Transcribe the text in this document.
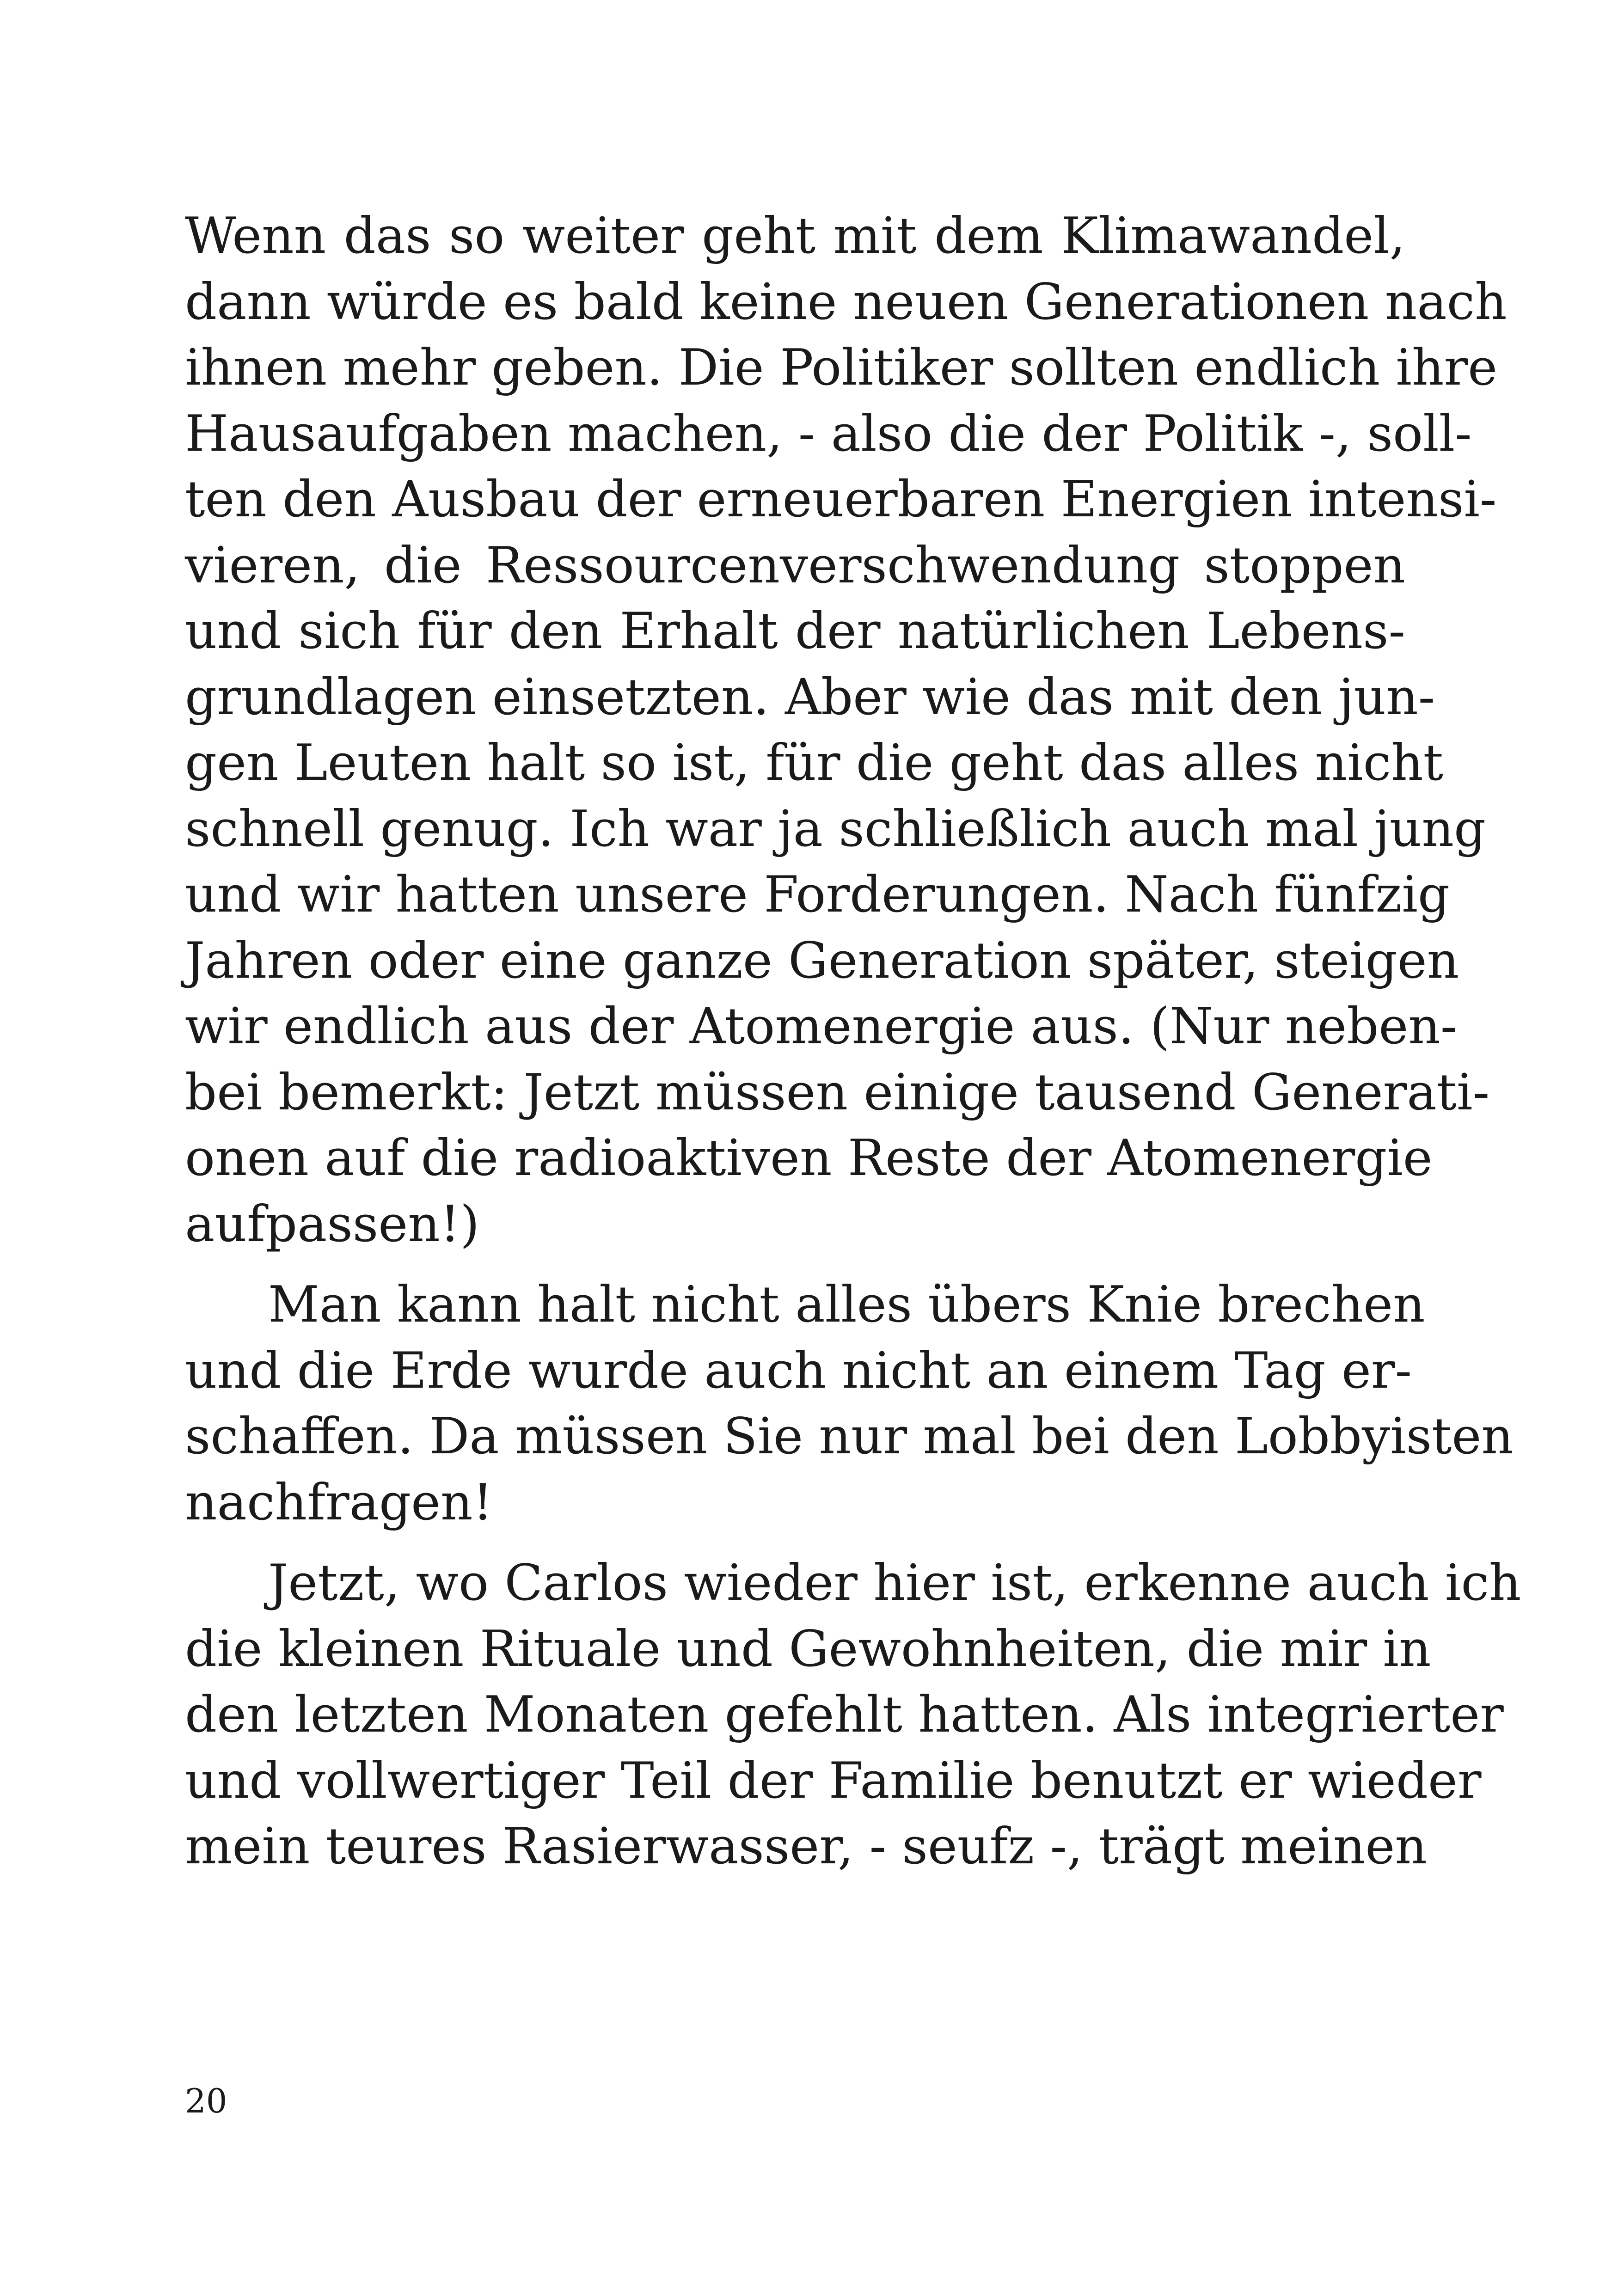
Wenn das so weiter geht mit dem Klimawandel,
dann würde es bald keine neuen Generationen nach
ihnen mehr geben. Die Politiker sollten endlich ihre
Hausaufgaben machen, - also die der Politik -, soll-
ten den Ausbau der erneuerbaren Energien intensi-
vieren, die Ressourcenverschwendung stoppen
und sich für den Erhalt der natürlichen Lebens-
grundlagen einsetzten. Aber wie das mit den jun-
gen Leuten halt so ist, für die geht das alles nicht
schnell genug. Ich war ja schließlich auch mal jung
und wir hatten unsere Forderungen. Nach fünfzig
Jahren oder eine ganze Generation später, steigen
wir endlich aus der Atomenergie aus. (Nur neben-
bei bemerkt: Jetzt müssen einige tausend Generati-
onen auf die radioaktiven Reste der Atomenergie
aufpassen!)

Man kann halt nicht alles übers Knie brechen
und die Erde wurde auch nicht an einem Tag er-
schaffen. Da müssen Sie nur mal bei den Lobbyisten
nachfragen!

Jetzt, wo Carlos wieder hier ist, erkenne auch ich
die kleinen Rituale und Gewohnheiten, die mir in
den letzten Monaten gefehlt hatten. Als integrierter
und vollwertiger Teil der Familie benutzt er wieder
mein teures Rasierwasser, - seufz -, trägt meinen

20
